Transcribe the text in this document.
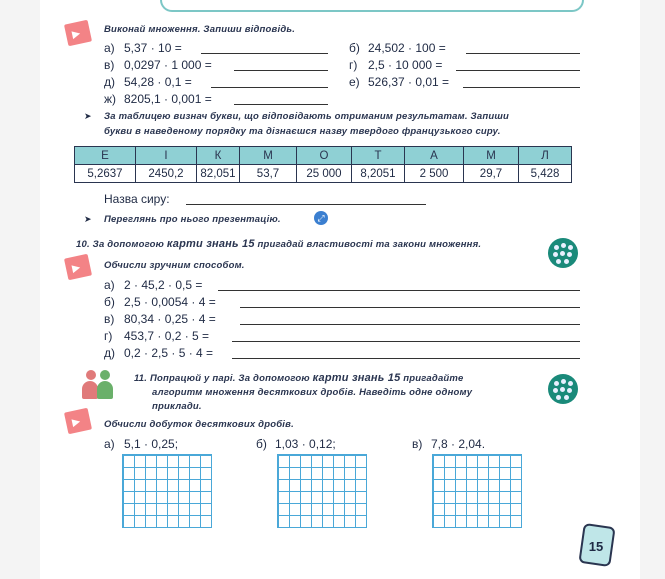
Виконай множення. Запиши відповідь.
а) 5,37 · 10 =	б) 24,502 · 100 =
в) 0,0297 · 1 000 =	г) 2,5 · 10 000 =
д) 54,28 · 0,1 =	е) 526,37 · 0,01 =
ж) 8205,1 · 0,001 =
➤ За таблицею визнач букви, що відповідають отриманим результатам. Запиши
букви в наведеному порядку та дізнаєшся назву твердого французького сиру.
Е	І	К	М	О	Т	А	М	Л
5,2637	2450,2	82,051	53,7	25 000	8,2051	2 500	29,7	5,428
Назва сиру:
➤ Переглянь про нього презентацію.	⤢
10. За допомогою карти знань 15 пригадай властивості та закони множення.
Обчисли зручним способом.
а) 2 · 45,2 · 0,5 =
б) 2,5 · 0,0054 · 4 =
в) 80,34 · 0,25 · 4 =
г) 453,7 · 0,2 · 5 =
д) 0,2 · 2,5 · 5 · 4 =
11. Попрацюй у парі. За допомогою карти знань 15 пригадайте
алгоритм множення десяткових дробів. Наведіть одне одному
приклади.
Обчисли добуток десяткових дробів.
а) 5,1 · 0,25;	б) 1,03 · 0,12;	в) 7,8 · 2,04.
15
